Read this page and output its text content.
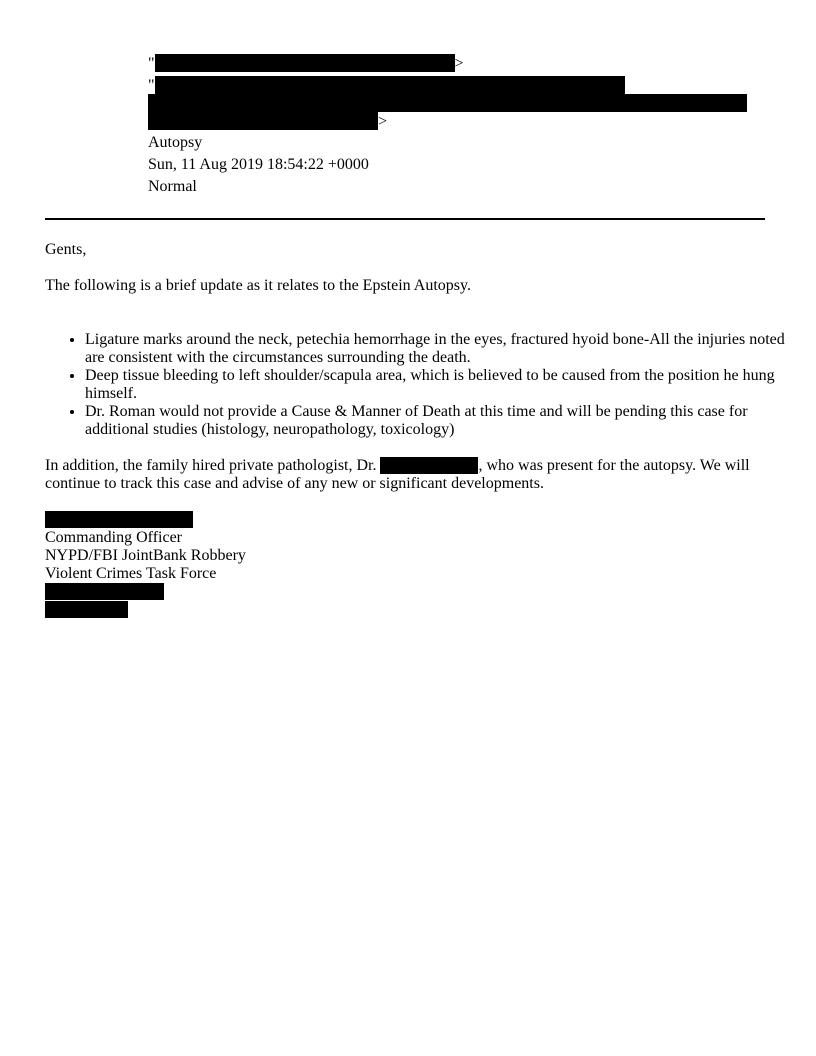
"	>
"
>
Autopsy
Sun, 11 Aug 2019 18:54:22 +0000
Normal

Gents,

The following is a brief update as it relates to the Epstein Autopsy.

• Ligature marks around the neck, petechia hemorrhage in the eyes, fractured hyoid bone-All the injuries noted are consistent with the circumstances surrounding the death.
• Deep tissue bleeding to left shoulder/scapula area, which is believed to be caused from the position he hung himself.
• Dr. Roman would not provide a Cause & Manner of Death at this time and will be pending this case for additional studies (histology, neuropathology, toxicology)

In addition, the family hired private pathologist, Dr.	, who was present for the autopsy. We will continue to track this case and advise of any new or significant developments.

Commanding Officer
NYPD/FBI JointBank Robbery
Violent Crimes Task Force
